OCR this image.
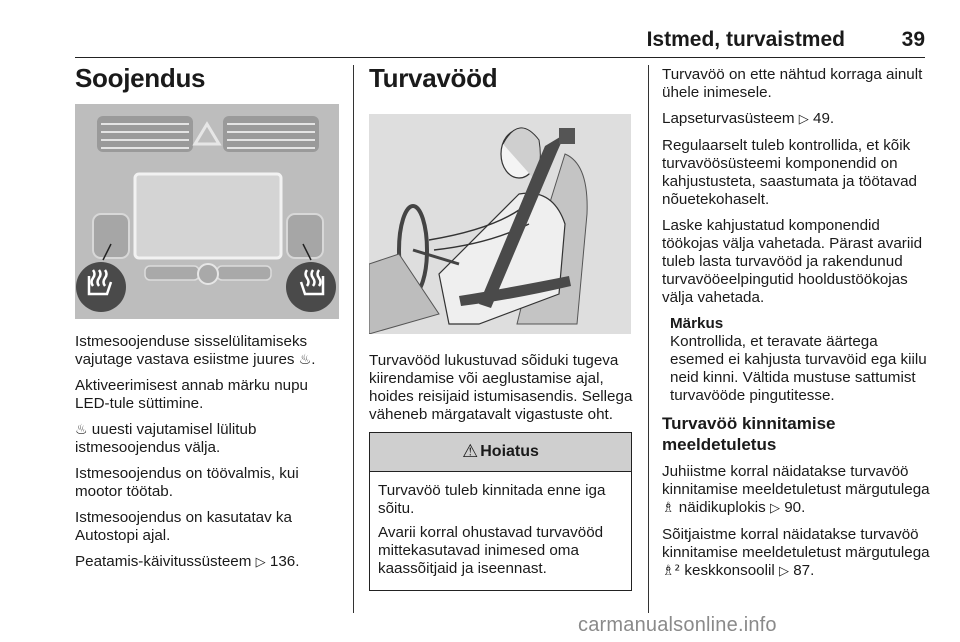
Istmed, turvaistmed	39
Soojendus

Istmesoojenduse sisselülitamiseks vajutage vastava esiistme juures ♨.

Aktiveerimisest annab märku nupu LED-tule süttimine.

♨ uuesti vajutamisel lülitub istmesoojendus välja.

Istmesoojendus on töövalmis, kui mootor töötab.

Istmesoojendus on kasutatav ka Autostopi ajal.

Peatamis-käivitussüsteem ▷ 136.

Turvavööd

Turvavööd lukustuvad sõiduki tugeva kiirendamise või aeglustamise ajal, hoides reisijaid istumisasendis. Sellega väheneb märgatavalt vigastuste oht.

⚠ Hoiatus

Turvavöö tuleb kinnitada enne iga sõitu.

Avarii korral ohustavad turvavööd mittekasutavad inimesed oma kaassõitjaid ja iseennast.

Turvavöö on ette nähtud korraga ainult ühele inimesele.

Lapseturvasüsteem ▷ 49.

Regulaarselt tuleb kontrollida, et kõik turvavöösüsteemi komponendid on kahjustusteta, saastumata ja töötavad nõuetekohaselt.

Laske kahjustatud komponendid töökojas välja vahetada. Pärast avariid tuleb lasta turvavööd ja rakendunud turvavööeelpingutid hooldustöökojas välja vahetada.

Märkus
Kontrollida, et teravate äärtega esemed ei kahjusta turvavöid ega kiilu neid kinni. Vältida mustuse sattumist turvavööde pingutitesse.
Turvavöö kinnitamise meeldetuletus

Juhiistme korral näidatakse turvavöö kinnitamise meeldetuletust märgutulega ♗ näidikuplokis ▷ 90.

Sõitjaistme korral näidatakse turvavöö kinnitamise meeldetuletust märgutulega ♗² keskkonsoolil ▷ 87.

carmanualsonline.info
